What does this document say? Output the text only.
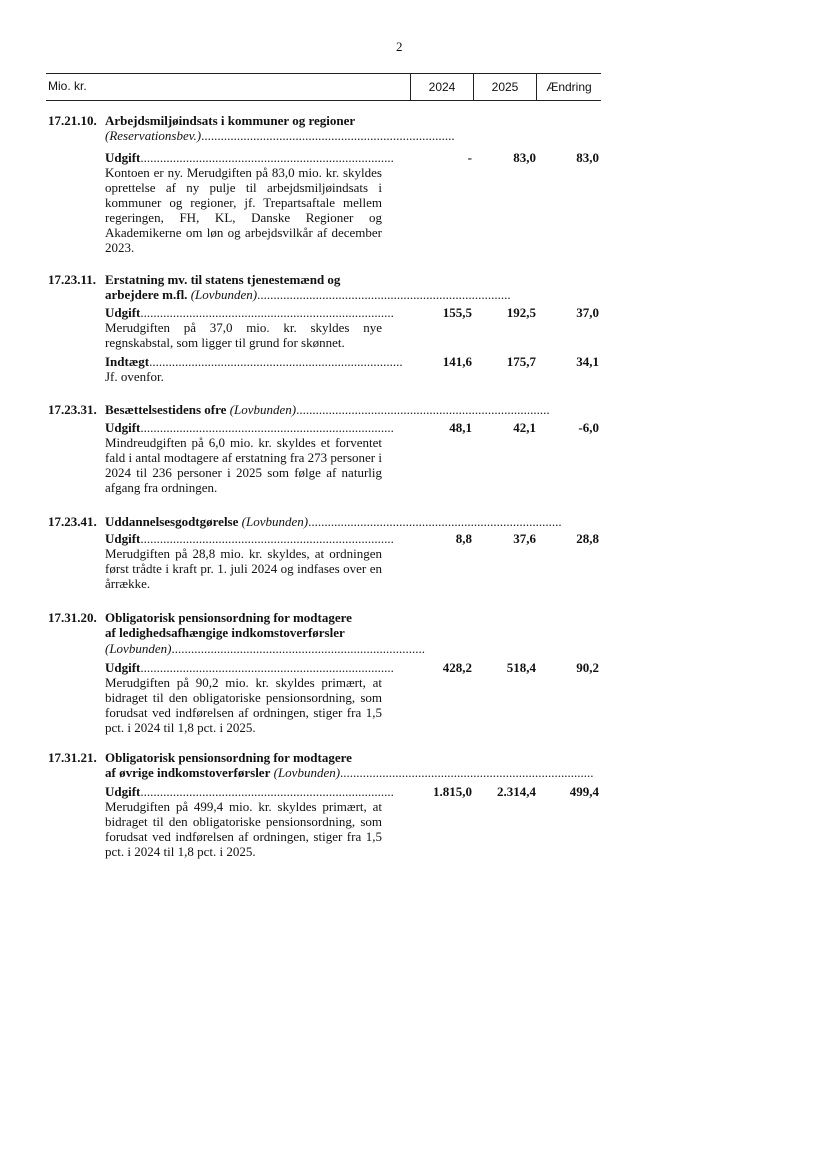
2
Mio. kr.	2024	2025	Ændring
17.21.10. Arbejdsmiljøindsats i kommuner og regioner
(Reservationsbev.)..............................................................................
Udgift..............................................................................	-	83,0	83,0
Kontoen er ny. Merudgiften på 83,0 mio. kr. skyldes oprettelse af ny pulje til arbejdsmiljøindsats i kommuner og regioner, jf. Trepartsaftale mellem regeringen, FH, KL, Danske Regioner og Akademikerne om løn og arbejdsvilkår af december 2023.
17.23.11. Erstatning mv. til statens tjenestemænd og
arbejdere m.fl. (Lovbunden)..............................................................................
Udgift..............................................................................	155,5	192,5	37,0
Merudgiften på 37,0 mio. kr. skyldes nye regnskabstal, som ligger til grund for skønnet.
Indtægt..............................................................................	141,6	175,7	34,1
Jf. ovenfor.
17.23.31. Besættelsestidens ofre (Lovbunden)..............................................................................
Udgift..............................................................................	48,1	42,1	-6,0
Mindreudgiften på 6,0 mio. kr. skyldes et forventet fald i antal modtagere af erstatning fra 273 personer i 2024 til 236 personer i 2025 som følge af naturlig afgang fra ordningen.
17.23.41. Uddannelsesgodtgørelse (Lovbunden)..............................................................................
Udgift..............................................................................	8,8	37,6	28,8
Merudgiften på 28,8 mio. kr. skyldes, at ordningen først trådte i kraft pr. 1. juli 2024 og indfases over en årrække.
17.31.20. Obligatorisk pensionsordning for modtagere
af ledighedsafhængige indkomstoverførsler
(Lovbunden)..............................................................................
Udgift..............................................................................	428,2	518,4	90,2
Merudgiften på 90,2 mio. kr. skyldes primært, at bidraget til den obligatoriske pensionsordning, som forudsat ved indførelsen af ordningen, stiger fra 1,5 pct. i 2024 til 1,8 pct. i 2025.
17.31.21. Obligatorisk pensionsordning for modtagere
af øvrige indkomstoverførsler (Lovbunden)..............................................................................
Udgift..............................................................................	1.815,0	2.314,4	499,4
Merudgiften på 499,4 mio. kr. skyldes primært, at bidraget til den obligatoriske pensionsordning, som forudsat ved indførelsen af ordningen, stiger fra 1,5 pct. i 2024 til 1,8 pct. i 2025.
